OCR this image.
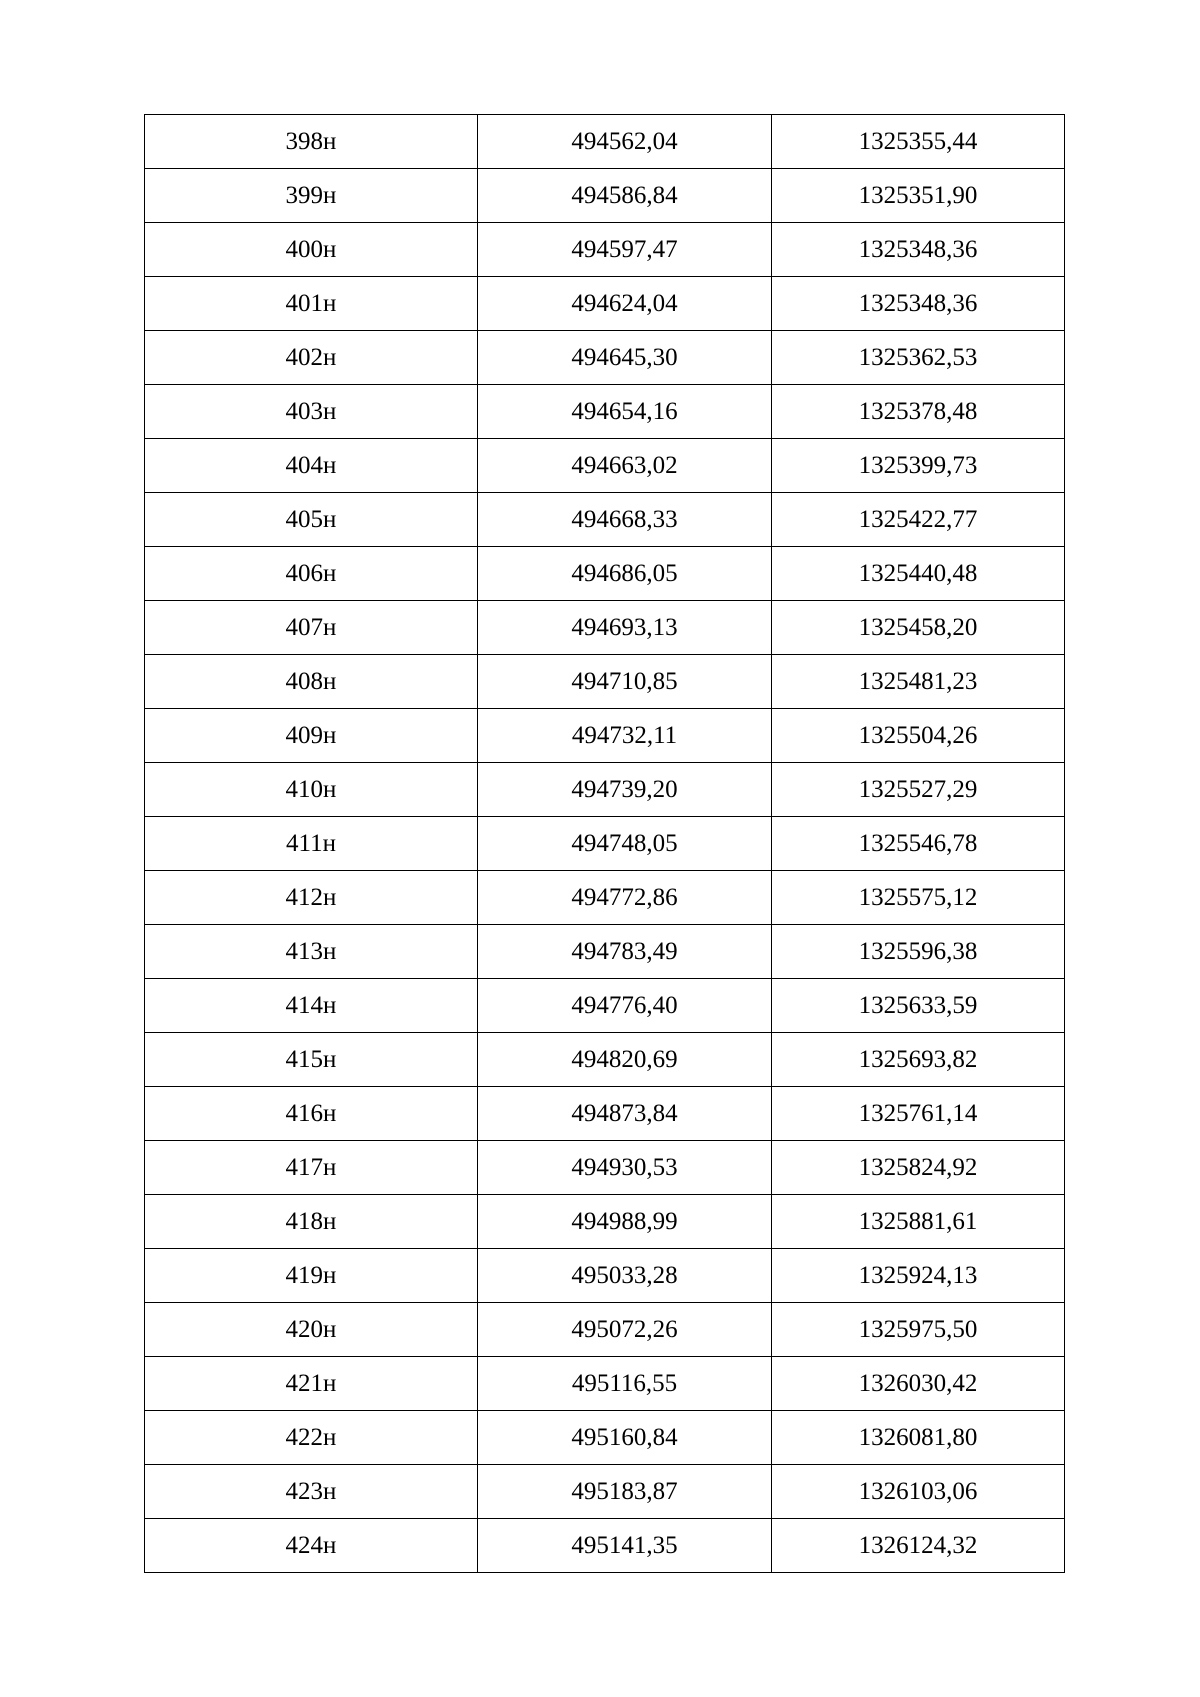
398н	494562,04	1325355,44
399н	494586,84	1325351,90
400н	494597,47	1325348,36
401н	494624,04	1325348,36
402н	494645,30	1325362,53
403н	494654,16	1325378,48
404н	494663,02	1325399,73
405н	494668,33	1325422,77
406н	494686,05	1325440,48
407н	494693,13	1325458,20
408н	494710,85	1325481,23
409н	494732,11	1325504,26
410н	494739,20	1325527,29
411н	494748,05	1325546,78
412н	494772,86	1325575,12
413н	494783,49	1325596,38
414н	494776,40	1325633,59
415н	494820,69	1325693,82
416н	494873,84	1325761,14
417н	494930,53	1325824,92
418н	494988,99	1325881,61
419н	495033,28	1325924,13
420н	495072,26	1325975,50
421н	495116,55	1326030,42
422н	495160,84	1326081,80
423н	495183,87	1326103,06
424н	495141,35	1326124,32
